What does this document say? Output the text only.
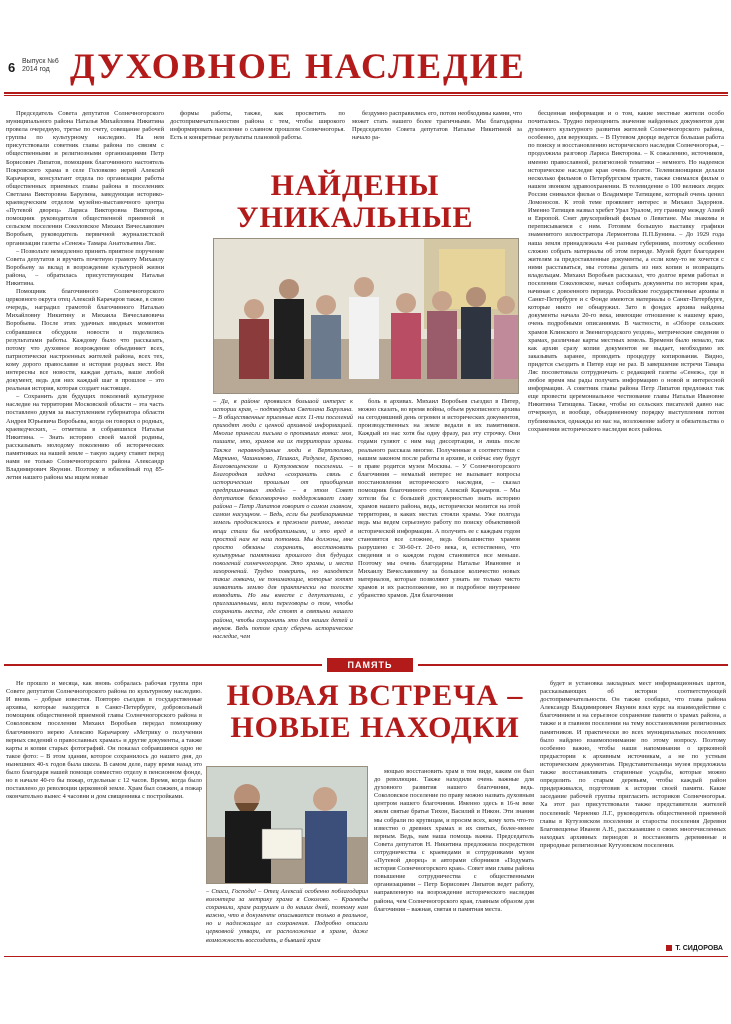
6 Выпуск №6
2014 год ДУХОВНОЕ НАСЛЕДИЕ

Председатель Совета депутатов Солнечногорского муниципального района Наталья Михайловна Никитина провела очередную, третье по счету, совещание рабочей группы по культурному наследию. На нем присутствовали советник главы района по связям с общественными и религиозными организациями Петр Борисович Липатов, помощник благочинного настоятель Покровского храма в селе Головково иерей Алексий Карачаров, консультант отдела по организации работы общественных приемных главы района в поселениях Светлана Викторовна Барулина, заведующая историко-краеведческим отделом музейно-выставочного центра «Путевой дворец» Лариса Викторовна Викторова, помощник руководителя общественной приемной в сельском поселении Соколовское Михаил Вячеславович Воробьев, руководитель первичной журналистской организации газеты «Сенеж» Тамара Анатольевна Ляс.

– Позвольте немедленно принять приятное поручение Совета депутатов и вручить почетную грамоту Михаилу Воробьеву за вклад в возрождение культурной жизни района, – обратилась присутствующим Наталья Никитина.

Помощник благочинного Солнечногорского церковного округа отец Алексий Карачаров также, в свою очередь, наградил грамотой благочинного Наталью Михайловну Никитину и Михаила Вячеславовича Воробьева. После этих удачных вводных моментов собравшиеся обсудили новости и поделились результатами работы. Каждому было что рассказать, потому что духовное возрождение объединяет всех, патриотически настроенных жителей района, всех тех, кому дорого православие и история родных мест. Им интересны все новости, каждая деталь, ваше любой документ, ведь для них каждый шаг в прошлое – это реальная история, которая создает настоящее.

– Сохранить для будущих поколений культурное наследие на территории Московской области – эта часть поставлено двумя за выступлением губернатора области Андрея Юрьевича Воробьева, когда он говорил о родных, краеведческих, – отметила в собравшихся Наталья Никитина. – Знать историю своей малой родины, рассказывать молодому поколению об исторических памятниках на нашей земле – такую задачу ставит перед нами не только Солнечногорского района Александр Владимирович Якунин. Поэтому в юбилейный год 85-летия нашего района мы ищем новые

формы работы, также, как просветить по достопримечательностям района с тем, чтобы широкого информировать население о славном прошлом Солнечногорья. Есть и конкретные результаты плановой работы.

бездумно расправились его, потом необходимы камни, что может стать нашего более трагичными. Мы благодарны Председателю Совета депутатов Наталье Никитиной за начало ра-

НАЙДЕНЫ УНИКАЛЬНЫЕ

– Да, в районе проявился большой интерес к истории края, – подтвердила Светлана Барулина. – В общественные приемные всех 11-ти поселений приходят люди с ценной архивной информацией. Многие принесли письма о пропавших вояка: мол, пишите, это, храмов на их территории храмы. Также неравнодушные люди в Вертлюгино, Маркино, Чашниково, Пешках, Радумле, Брехово, Благовещенском и Кутузовском поселении. – Благородная задача «сохранить связь с историческим прошлым от приобщения предприимчивых людей» – в этом Совет депутатов безоговорочно поддерживает главу района – Петр Липатов говорит о самом главном, самом насущном. – Ведь, если бы разбазаривание земель продолжилось в прежнем ритме, многие вещи стали бы необратимыми, и это вред в простой нам не наш потомки. Мы должны, мне просто обязаны сохранить, восстановить культурные памятники прошлого для будущих поколений солнечногорцев. Это храмы, и места захоронений. Трудно поверить, но находятся такие ловкачи, не понимающие, которые хотят захватить землю для практически на погосте возводить. Но мы вместе с депутатами, с приглашенными, вели переговоры о том, чтобы сохранить места, где стоят в святыни нашего района, чтобы сохранить это для наших детей и внуков. Ведь потом сразу сберечь историческое наследие, чем

боль в архивах. Михаил Воробьев съездил в Питер, можно сказать, во время войны, объем рукописного архива на сегодняшний день огромен и исторических документов, производственных на земле ведали в их памятников. Каждый из нас хотя бы одну фразу, раз эту строчку. Они годами гуляют с ним над диссертации, и лишь после реального рассказа многие. Полученные в соответствии с нашим законом после работы в архиве, и сейчас ему будут в праве родится музеи Москвы. – У Солнечногорского благочиния – немалый интерес не вызывает вопросы восстановления исторического наследия, – сказал помощник благочинного отец Алексий Карачаров. – Мы хотели бы с большей достоверностью знать историю храмов нашего района, ведь, исторически молится на этой территории, в каких местах стояли храмы. Уже полгода ведь мы ведем серьезную работу по поиску объективной исторической информации. А получить ее с каждым годом становится все сложнее, ведь большинство храмов разрушено с 30-60-гг. 20-го века, и, естественно, что сведения и о каждом годом становится все меньше. Поэтому мы очень благодарны Наталье Ивановне и Михаилу Вячеславовичу за большое количество новых материалов, которые позволяют узнать не только чисто храмов и их расположение, но и подробное внутреннее убранство храмов. Для благочиния

бесценная информация и о том, какие местные жители особо почитались. Трудно переоценить значение найденных документов для духовного культурного развития жителей Солнечногорского района, особенно, для верующих. – В Путевом дворце ведется большая работа по поиску и восстановлению исторического наследия Солнечногорья, – продолжила разговор Лариса Викторова. – К сожалению, источников, именно православной, религиозной тематики – немного. Но надеемся историческое наследие края очень богатое. Телевизионщики делали несколько фильмов о Петербургском тракте, также снимался фильм о нашем звонком здравоохранении. В телевидение о 100 великих людях России снимался фильм о Владимире Татищеве, который очень ценил Ломоносов. К этой теме проявляет интерес и Михаил Задорнов. Именно Татищев назвал хребет Урал Уралом, эту границу между Азией и Европой. Снят двухсерийный фильм о Левитане. Мы знакомы и переписываемся с ним. Готовим большую выставку графики знаменитого иллюстратора Лермонтова П.П.Бунина. – До 1929 года наша земля принадлежала 4-м разным губерниям, поэтому особенно сложно собрать материалы об этом периоде. Музей будет благодарен жителям за предоставленные документы, а если кому-то не хочется с ними расставаться, мы готовы делать из них копии и возвращать владельцам. Михаил Воробьев рассказал, что долгое время работал в поселении Соколовское, начал собирать документы по истории края, начиная с довоенного периода. Российские государственные архивы в Санкт-Петербурге и с Фонде имеются материалы о Санкт-Петербурге, которые никто не обнаружил. Зато в фондах архива найдены документы начала 20-го века, имеющие отношение к нашему краю, очень подробными описаниями. В частности, в «Обзоре сельских храмов Клинского и Звенигородского уездов», метрические сведения о храмах, различные карты местных земель. Времени было немало, так как архив сразу копии документов не выдает, необходимо их заказывать заранее, проводить процедуру копирования. Видно, придется съездить в Питер еще не раз. В завершение встречи Тамара Ляс посоветовала сотрудничать с редакцией газеты «Сенеж», где в любое время мы рады получать информацию о новой и интересной информации. А советник главы района Петр Липатов предложил так еще провести церемониальное чествование главы Натальи Ивановне Никитина Татищева. Также, чтобы из сельских писателей давно нас отчеркнул, и вообще, объединенному порядку выступления потом публиковался, однажды из нас на, возложение заботу и обязательства о сохранении исторического наследия всех района.

ПАМЯТЬ

Не прошло и месяца, как вновь собралась рабочая группа при Совете депутатов Солнечногорского района по культурному наследию. И вновь – добрые известия. Повторю съездив в государственные архивы, которые находятся в Санкт-Петербурге, добровольный помощник общественной приемной главы Солнечногорского района в Соколовском поселении Михаил Воробьев передал помощнику благочинного иерею Алексию Карачарову «Метрику о получении верных сведений о православных храмах» и другие документы, а также карты и копии старых фотографий. Он показал собравшимся одно не такое фото: – В этом здании, которое сохранилось до нашего дня, до нынешних 40-х годов была школа. В самом деле, пару время назад это было благодаря нашей помощи совместно отделу в пенсионном фонде, но в начале 40-го бы пожар, отдельные с 12 часов. Время, когда было поставлено до революции церковной земле. Храм был сожжен, а пожар окончательно вынес 4 часовни и дом священника с постройками.

НОВАЯ ВСТРЕЧА –
НОВЫЕ НАХОДКИ

– Спаси, Господи! – Отец Алексий особенно поблагодарил волонтера за метрику храма в Соколово. – Краеведы сохранили, храм разрушен и до наших дней, поэтому нам важно, что в документе описывается только в реальное, но и надлежащее из сохранения. Подробно описали церковной утвари, ее расположение в храме, даже возможность воссоздать, а бывшей храм

мощью восстановить храм в том виде, каким он был до революции. Также находили очень важные для духовного развития нашего благочиния, ведь. Соколовское поселение по праву можно назвать духовным центром нашего благочиния. Именно здесь в 16-м веке жили святые братья Тихон, Василий и Никон. Эти знания мы собрали по крупицам, и просим всех, кому хоть что-то известно о древних храмах и их святых, более-менее верным. Ведь, нам наша помощь важна. Председатель Совета депутатов Н. Никитина предложила посредством сотрудничества с краеведами и сотрудниками музея «Путевой дворец» и авторами сборников «Подумать история Солнечногорского края». Совет ими главы района повышение сотрудничества с общественными организациями – Петр Борисович Липатов ведет работу, направленную на возрождение исторического наследия района, чем Солнечногорского края, главным образом для благочиния – важная, святая и памятная места.

будет и установка закладных мест информационных щитов, рассказывающих об истории соответствующей достопримечательности. Он также сообщил, что глава района Александр Владимирович Якунин взял курс на взаимодействие с благочинием и на серьезное сохранение памяти о храмах района, а также и в главном поселении на тему восстановления религиозных памятников. И практически во всех муниципальных поселениях было найдено взаимопонимание по этому вопросу. Поэтому особенно важно, чтобы наши напоминания о церковной предыстории к архивным источникам, а не по устным историческим документам. Представительница музея предложила также восстанавливать старинные усадьбы, которые можно определить по старым деревьям, чтобы каждый район придерживался, подготовив к истории своей памяти. Какие заседание рабочей группы пригласить историков Солнечногорья. Ха этот раз присутствовали также представители жителей поселений: Черненко Л.Г., руководитель общественной приемной главы в Кутузовском поселении и старосты поселения Деревни Благовещенье Иванов А.Н., рассказавшие о своих многочисленных находках архивных периодов и восстановить деревянные и природные религиозные Кутузовском поселении.

Т. СИДОРОВА
